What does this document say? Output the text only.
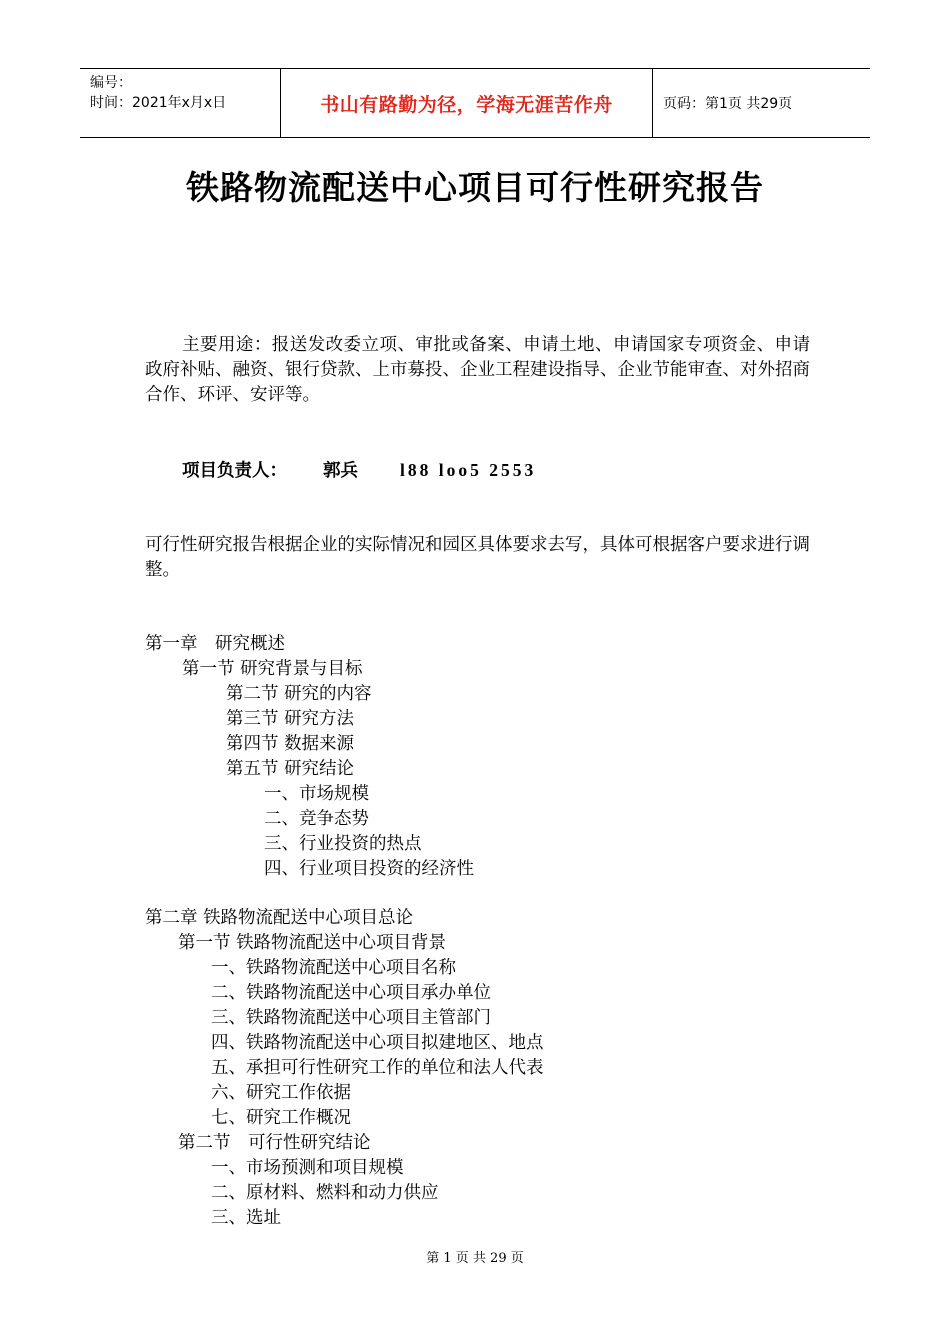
编号：
时间：2021年x月x日	书山有路勤为径，学海无涯苦作舟	页码：第1页 共29页
铁路物流配送中心项目可行性研究报告
主要用途：报送发改委立项、审批或备案、申请土地、申请国家专项资金、申请政府补贴、融资、银行贷款、上市募投、企业工程建设指导、企业节能审查、对外招商合作、环评、安评等。
项目负责人： 郭兵 l88 loo5 2553
可行性研究报告根据企业的实际情况和园区具体要求去写，具体可根据客户要求进行调整。
第一章　研究概述
第一节 研究背景与目标
第二节 研究的内容
第三节 研究方法
第四节 数据来源
第五节 研究结论
一、市场规模
二、竞争态势
三、行业投资的热点
四、行业项目投资的经济性
第二章 铁路物流配送中心项目总论
第一节 铁路物流配送中心项目背景
一、铁路物流配送中心项目名称
二、铁路物流配送中心项目承办单位
三、铁路物流配送中心项目主管部门
四、铁路物流配送中心项目拟建地区、地点
五、承担可行性研究工作的单位和法人代表
六、研究工作依据
七、研究工作概况
第二节　可行性研究结论
一、市场预测和项目规模
二、原材料、燃料和动力供应
三、选址
第 1 页 共 29 页
